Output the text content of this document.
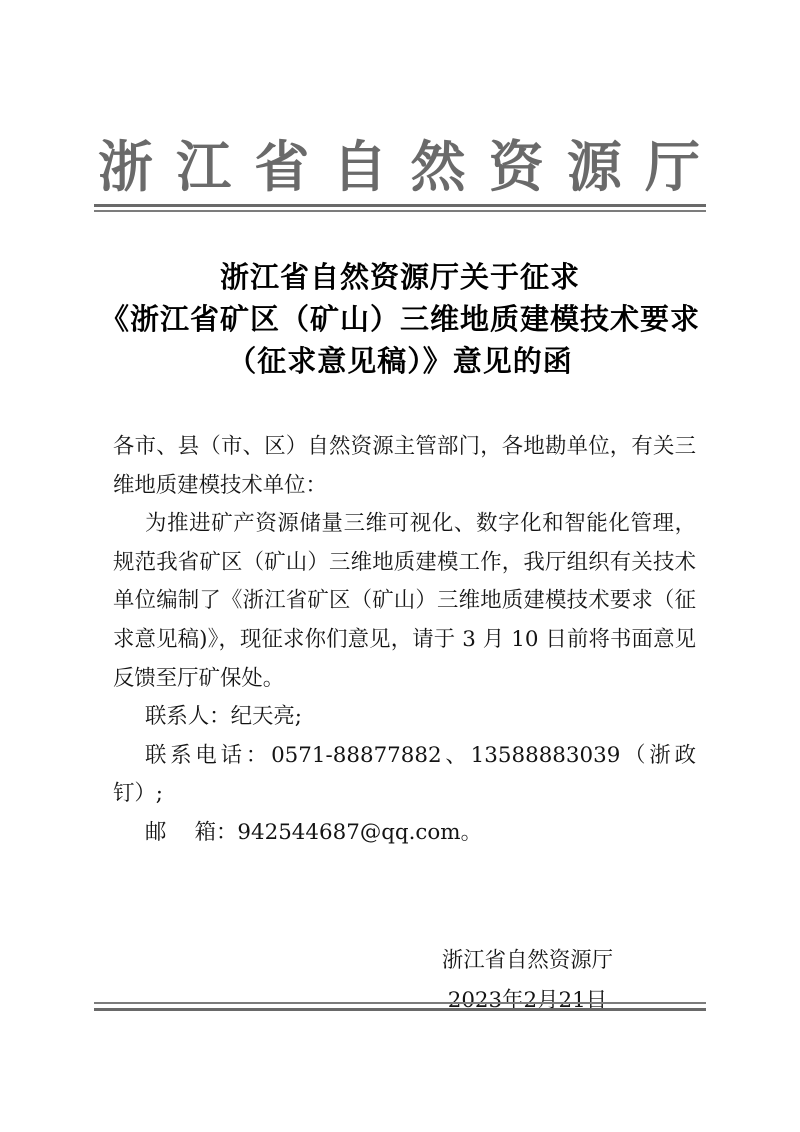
浙 江 省 自 然 资 源 厅
浙江省自然资源厅关于征求
《浙江省矿区（矿山）三维地质建模技术要求
（征求意见稿）》意见的函

各市、县（市、区）自然资源主管部门，各地勘单位，有关三维地质建模技术单位：

为推进矿产资源储量三维可视化、数字化和智能化管理，规范我省矿区（矿山）三维地质建模工作，我厅组织有关技术单位编制了《浙江省矿区（矿山）三维地质建模技术要求（征求意见稿)》，现征求你们意见，请于 3 月 10 日前将书面意见反馈至厅矿保处。

联系人：纪天亮;

联系电话：0571-88877882、13588883039（浙政钉）;

邮　 箱：942544687@qq.com。

浙江省自然资源厅
2023年2月21日
